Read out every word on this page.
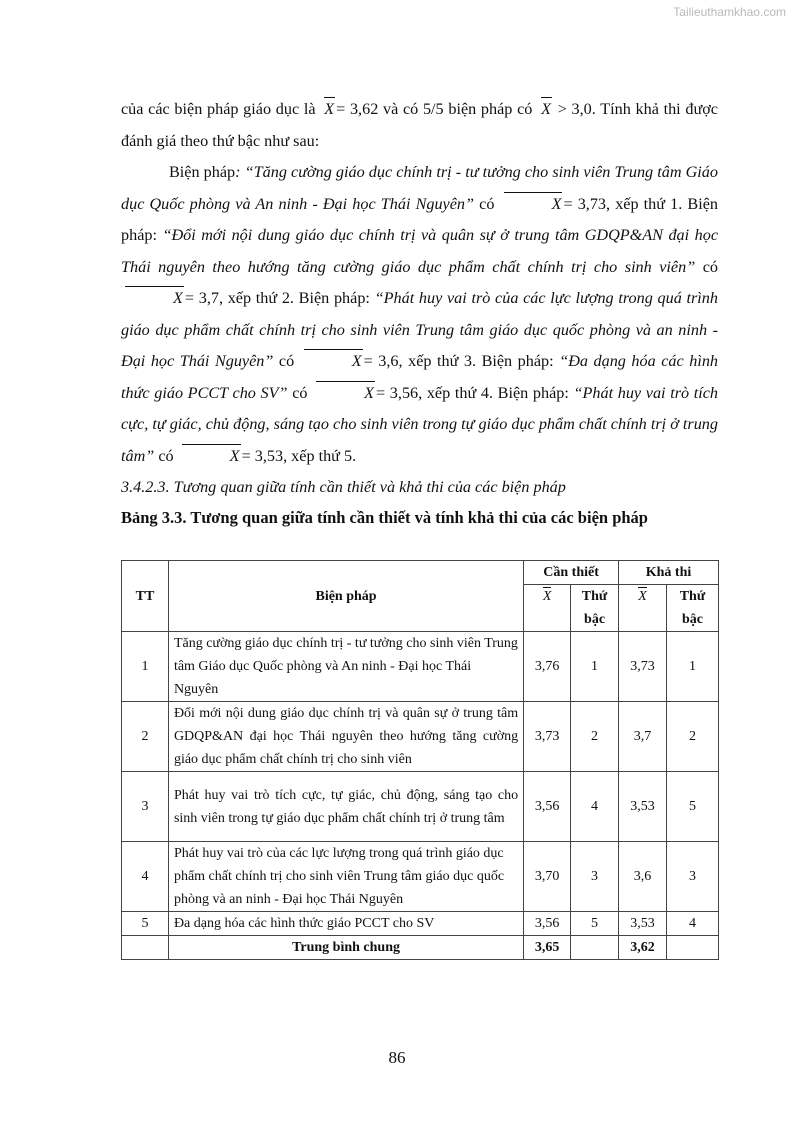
Tailieuthamkhao.com

của các biện pháp giáo dục là X = 3,62 và có 5/5 biện pháp có X > 3,0. Tính khả thi được đánh giá theo thứ bậc như sau:

Biện pháp: “Tăng cường giáo dục chính trị - tư tưởng cho sinh viên Trung tâm Giáo dục Quốc phòng và An ninh - Đại học Thái Nguyên” có	X = 3,73, xếp thứ 1. Biện pháp: “Đổi mới nội dung giáo dục chính trị và quân sự ở trung tâm GDQP&AN đại học Thái nguyên theo hướng tăng cường giáo dục phẩm chất chính trị cho sinh viên” có X = 3,7, xếp thứ 2. Biện pháp: “Phát huy vai trò của các lực lượng trong quá trình giáo dục phẩm chất chính trị cho sinh viên Trung tâm giáo dục quốc phòng và an ninh - Đại học Thái Nguyên” có	X = 3,6, xếp thứ 3. Biện pháp: “Đa dạng hóa các hình thức giáo PCCT cho SV” có	X = 3,56, xếp thứ 4. Biện pháp: “Phát huy vai trò tích cực, tự giác, chủ động, sáng tạo cho sinh viên trong tự giáo dục phẩm chất chính trị ở trung tâm” có	X = 3,53, xếp thứ 5.

3.4.2.3. Tương quan giữa tính cần thiết và khả thi của các biện pháp

Bảng 3.3. Tương quan giữa tính cần thiết và tính khả thi của các biện pháp

TT	Biện pháp	Cần thiết		Khả thi	
		X	Thứ bậc	X	Thứ bậc
1	Tăng cường giáo dục chính trị - tư tưởng cho sinh viên Trung tâm Giáo dục Quốc phòng và An ninh - Đại học Thái Nguyên	3,76	1	3,73	1
2	Đổi mới nội dung giáo dục chính trị và quân sự ở trung tâm GDQP&AN đại học Thái nguyên theo hướng tăng cường giáo dục phẩm chất chính trị cho sinh viên	3,73	2	3,7	2
3	Phát huy vai trò tích cực, tự giác, chủ động, sáng tạo cho sinh viên trong tự giáo dục phẩm chất chính trị ở trung tâm	3,56	4	3,53	5
4	Phát huy vai trò của các lực lượng trong quá trình giáo dục phẩm chất chính trị cho sinh viên Trung tâm giáo dục quốc phòng và an ninh - Đại học Thái Nguyên	3,70	3	3,6	3
5	Đa dạng hóa các hình thức giáo PCCT cho SV	3,56	5	3,53	4
	Trung bình chung	3,65		3,62	
86
